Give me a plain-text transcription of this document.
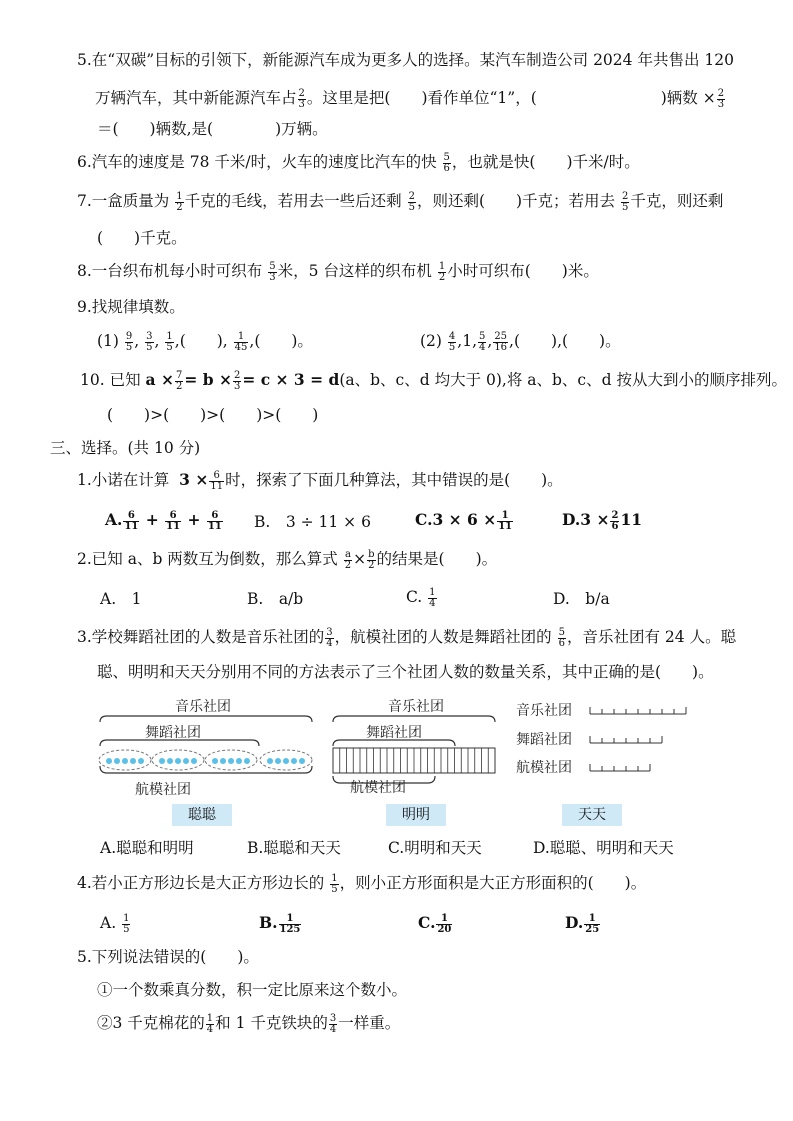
5.在“双碳”目标的引领下，新能源汽车成为更多人的选择。某汽车制造公司 2024 年共售出 120
万辆汽车，其中新能源汽车占 $\frac{2}{3}$ 。这里是把(　　)看作单位“1”，(　　　　　　　　)辆数 × $\frac{2}{3}$
＝(　　)辆数,是(　　　　)万辆。
6.汽车的速度是 78 千米/时，火车的速度比汽车的快 $\frac{5}{6}$ ，也就是快(　　)千米/时。
7.一盒质量为 $\frac{1}{2}$ 千克的毛线，若用去一些后还剩 $\frac{2}{5}$ ，则还剩(　　)千克；若用去 $\frac{2}{5}$ 千克，则还剩
(　　)千克。
8.一台织布机每小时可织布 $\frac{5}{3}$ 米，5 台这样的织布机 $\frac{1}{2}$ 小时可织布(　　)米。
9.找规律填数。
$(1) \frac{9}{5}$ , $\frac{3}{5}$ , $\frac{1}{5}$ ,(　　), $\frac{1}{45}$ ,(　　)。	$(2) \frac{4}{5} ,1$, $\frac{5}{4}$ , $\frac{25}{16}$ ,(　　),(　　)。
10. 已知 $a \times \frac{7}{2} = b \times \frac{2}{3} = c \times 3 = d(a$、b、c、d 均大于 0),将 a、b、c、d 按从大到小的顺序排列。
(　　)>(　　)>(　　)>(　　)
三、选择。(共 10 分)
1.小诺在计算 $3 \times \frac{6}{11}$ 时，探索了下面几种算法，其中错误的是(　　)。
A. $\frac{6}{11} + \frac{6}{11} + \frac{6}{11} B$.　3 ÷ 11 × 6	$C.3 \times 6 \times \frac{1}{11}$	$D.3 \times \frac{2}{6} 11$
2.已知 a、b 两数互为倒数，那么算式 $\frac{a}{2} \times \frac{b}{2}$ 的结果是(　　)。
A.　1	B.　a/b	C. $\frac{1}{4}$	D.　b/a
3.学校舞蹈社团的人数是音乐社团的 $\frac{3}{4}$ ，航模社团的人数是舞蹈社团的 $\frac{5}{6}$ ，音乐社团有 24 人。聪
聪、明明和天天分别用不同的方法表示了三个社团人数的数量关系，其中正确的是(　　)。
音乐社团
舞蹈社团
航模社团
聪聪
音乐社团
舞蹈社团
航模社团
明明
音乐社团
舞蹈社团
航模社团
天天
A.聪聪和明明	B.聪聪和天天	C.明明和天天	D.聪聪、明明和天天
4.若小正方形边长是大正方形边长的 $\frac{1}{5}$ ，则小正方形面积是大正方形面积的(　　)。
A. $\frac{1}{5}$	B. $\frac{1}{125}$	C. $\frac{1}{20}$	D. $\frac{1}{25}$
5.下列说法错误的(　　)。
①一个数乘真分数，积一定比原来这个数小。
②3 千克棉花的 $\frac{1}{4}$ 和 1 千克铁块的 $\frac{3}{4}$ 一样重。
